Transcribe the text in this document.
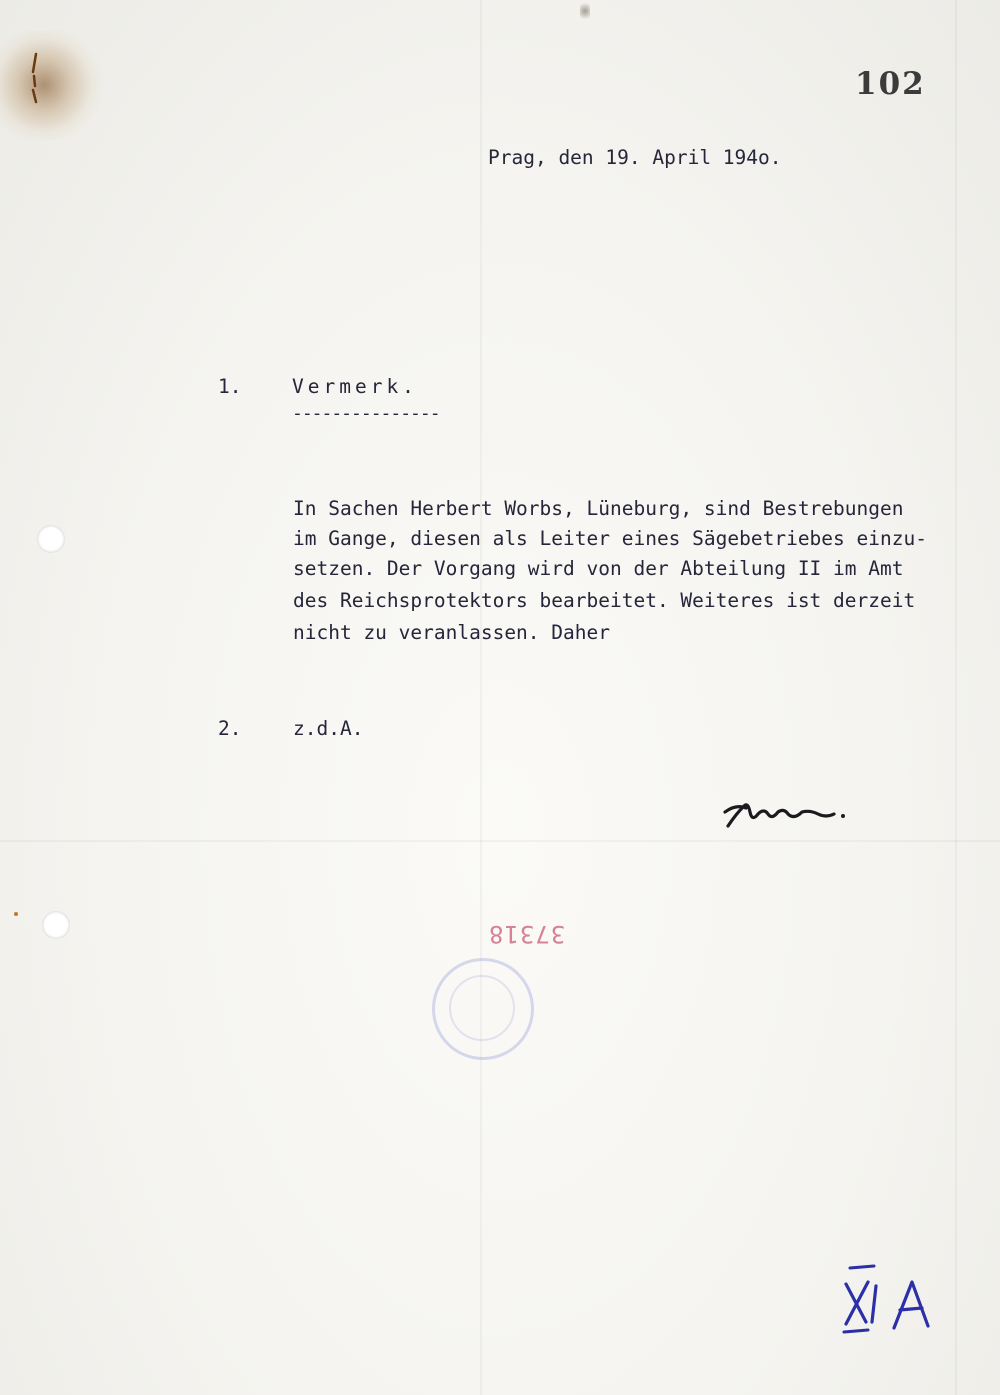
102
Prag, den 19. April 194o.
1.	Vermerk.
---------------
In Sachen Herbert Worbs, Lüneburg, sind Bestrebungen
im Gange, diesen als Leiter eines Sägebetriebes einzu-
setzen. Der Vorgang wird von der Abteilung II im Amt
des Reichsprotektors bearbeitet. Weiteres ist derzeit
nicht zu veranlassen. Daher
2.	z.d.A.
37318
